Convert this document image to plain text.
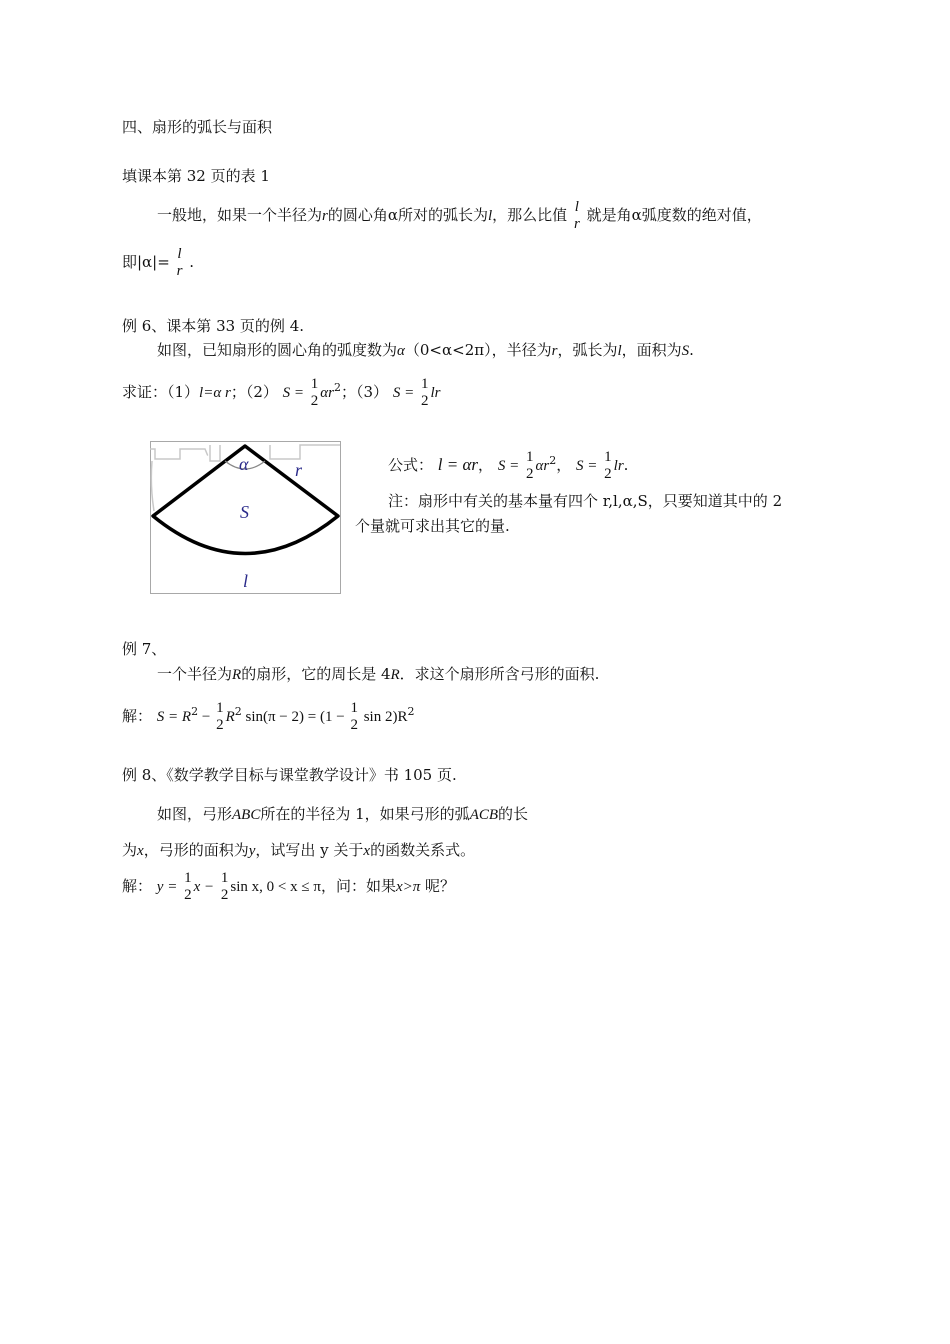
四、扇形的弧长与面积
填课本第 32 页的表 1
一般地，如果一个半径为r的圆心角α所对的弧长为l，那么比值 l
r 就是角α弧度数的绝对值，
即|α|= l
r .
例 6、课本第 33 页的例 4.
如图，已知扇形的圆心角的弧度数为α（0<α<2π），半径为r，弧长为l，面积为S.
求证：（1）l=α r；（2） S =
1
2 $\alpha r^2$；（3） S =
1
2 lr
α	r
S
l
公式： l = αr， S =
1
2 $\alpha r^2$， S =
1
2 lr.
注：扇形中有关的基本量有四个 r,l,α,S，只要知道其中的 2
个量就可求出其它的量.
例 7、
一个半径为R的扇形，它的周长是 4R．求这个扇形所含弓形的面积.
解： $S = R^2$ −
1
2 $R^2$ sin(π − 2) = (1 −
1
2 $\sin 2)R^2$
例 8、《数学教学目标与课堂教学设计》书 105 页.
如图，弓形ABC所在的半径为 1，如果弓形的弧ACB的长
为x，弓形的面积为y，试写出 y 关于x的函数关系式。
解： y =
1
2 x −
1
2 sin x, 0 < x ≤ π，问：如果x>π 呢？
